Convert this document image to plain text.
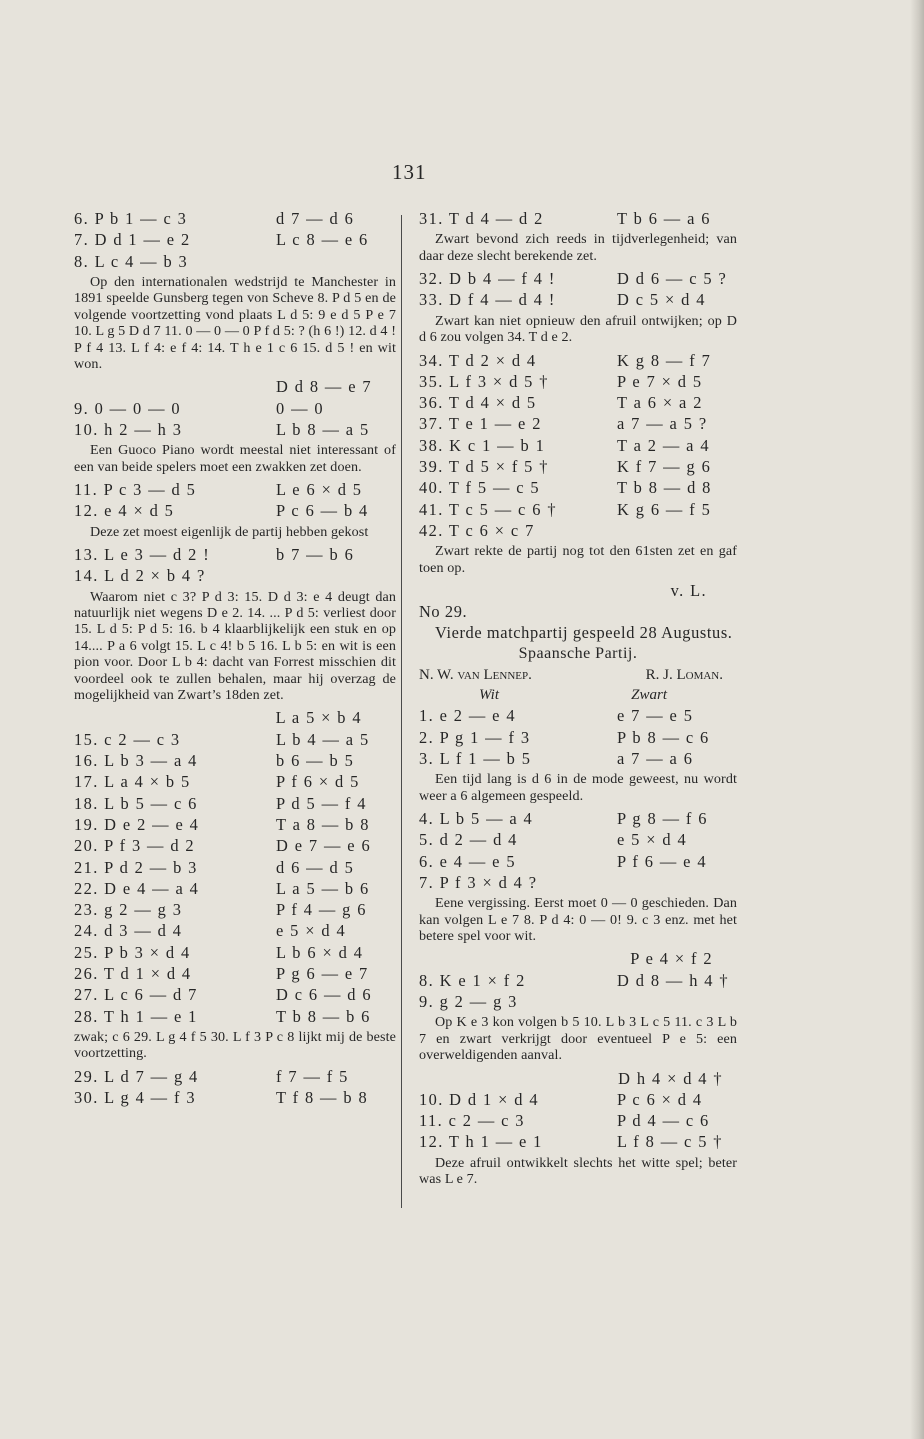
131
6. P b 1 — c 3	d 7 — d 6
7. D d 1 — e 2	L c 8 — e 6
8. L c 4 — b 3
Op den internationalen wedstrijd te Manchester in 1891 speelde Gunsberg tegen von Scheve 8. P d 5 en de volgende voortzetting vond plaats L d 5: 9 e d 5 P e 7 10. L g 5 D d 7 11. 0 — 0 — 0 P f d 5: ? (h 6 !) 12. d 4 ! P f 4 13. L f 4: e f 4: 14. T h e 1 c 6 15. d 5 ! en wit won.
D d 8 — e 7
9. 0 — 0 — 0	0 — 0
10. h 2 — h 3	L b 8 — a 5
Een Guoco Piano wordt meestal niet interessant of een van beide spelers moet een zwakken zet doen.
11. P c 3 — d 5	L e 6 × d 5
12. e 4 × d 5	P c 6 — b 4
Deze zet moest eigenlijk de partij hebben gekost
13. L e 3 — d 2 !	b 7 — b 6
14. L d 2 × b 4 ?
Waarom niet c 3? P d 3: 15. D d 3: e 4 deugt dan natuurlijk niet wegens D e 2. 14. ... P d 5: verliest door 15. L d 5: P d 5: 16. b 4 klaarblijkelijk een stuk en op 14.... P a 6 volgt 15. L c 4! b 5 16. L b 5: en wit is een pion voor. Door L b 4: dacht van Forrest misschien dit voordeel ook te zullen behalen, maar hij overzag de mogelijkheid van Zwart’s 18den zet.
L a 5 × b 4
15. c 2 — c 3	L b 4 — a 5
16. L b 3 — a 4	b 6 — b 5
17. L a 4 × b 5	P f 6 × d 5
18. L b 5 — c 6	P d 5 — f 4
19. D e 2 — e 4	T a 8 — b 8
20. P f 3 — d 2	D e 7 — e 6
21. P d 2 — b 3	d 6 — d 5
22. D e 4 — a 4	L a 5 — b 6
23. g 2 — g 3	P f 4 — g 6
24. d 3 — d 4	e 5 × d 4
25. P b 3 × d 4	L b 6 × d 4
26. T d 1 × d 4	P g 6 — e 7
27. L c 6 — d 7	D c 6 — d 6
28. T h 1 — e 1	T b 8 — b 6
zwak; c 6 29. L g 4 f 5 30. L f 3 P c 8 lijkt mij de beste voortzetting.
29. L d 7 — g 4	f 7 — f 5
30. L g 4 — f 3	T f 8 — b 8
31. T d 4 — d 2	T b 6 — a 6
Zwart bevond zich reeds in tijdverlegenheid; van daar deze slecht berekende zet.
32. D b 4 — f 4 !	D d 6 — c 5 ?
33. D f 4 — d 4 !	D c 5 × d 4
Zwart kan niet opnieuw den afruil ontwijken; op D d 6 zou volgen 34. T d e 2.
34. T d 2 × d 4	K g 8 — f 7
35. L f 3 × d 5 †	P e 7 × d 5
36. T d 4 × d 5	T a 6 × a 2
37. T e 1 — e 2	a 7 — a 5 ?
38. K c 1 — b 1	T a 2 — a 4
39. T d 5 × f 5 †	K f 7 — g 6
40. T f 5 — c 5	T b 8 — d 8
41. T c 5 — c 6 †	K g 6 — f 5
42. T c 6 × c 7
Zwart rekte de partij nog tot den 61sten zet en gaf toen op.
v. L.
No 29.
Vierde matchpartij gespeeld 28 Augustus.
Spaansche Partij.
N. W. van Lennep.	R. J. Loman.
Wit	Zwart
1. e 2 — e 4	e 7 — e 5
2. P g 1 — f 3	P b 8 — c 6
3. L f 1 — b 5	a 7 — a 6
Een tijd lang is d 6 in de mode geweest, nu wordt weer a 6 algemeen gespeeld.
4. L b 5 — a 4	P g 8 — f 6
5. d 2 — d 4	e 5 × d 4
6. e 4 — e 5	P f 6 — e 4
7. P f 3 × d 4 ?
Eene vergissing. Eerst moet 0 — 0 geschieden. Dan kan volgen L e 7 8. P d 4: 0 — 0! 9. c 3 enz. met het betere spel voor wit.
P e 4 × f 2
8. K e 1 × f 2	D d 8 — h 4 †
9. g 2 — g 3
Op K e 3 kon volgen b 5 10. L b 3 L c 5 11. c 3 L b 7 en zwart verkrijgt door eventueel P e 5: een overweldigenden aanval.
D h 4 × d 4 †
10. D d 1 × d 4	P c 6 × d 4
11. c 2 — c 3	P d 4 — c 6
12. T h 1 — e 1	L f 8 — c 5 †
Deze afruil ontwikkelt slechts het witte spel; beter was L e 7.
